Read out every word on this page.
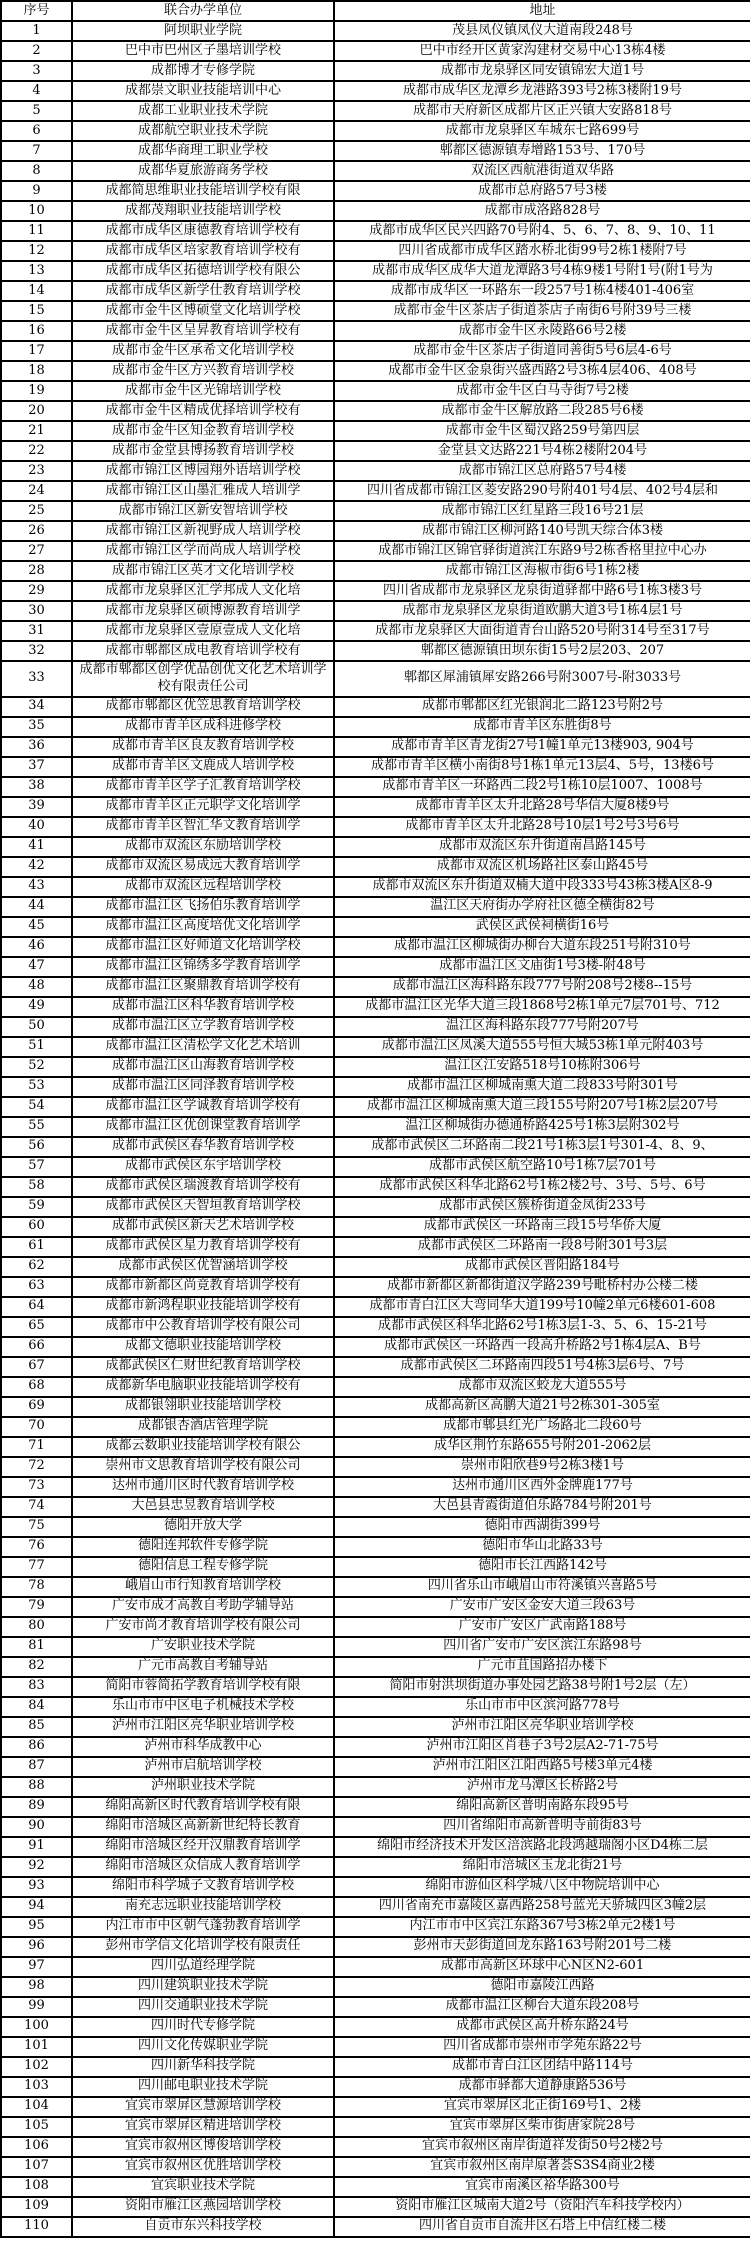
序号	联合办学单位	地址
1	阿坝职业学院	茂县凤仪镇凤仪大道南段248号
2	巴中市巴州区子墨培训学校	巴中市经开区黄家沟建材交易中心13栋4楼
3	成都博才专修学院	成都市龙泉驿区同安镇锦宏大道1号
4	成都崇文职业技能培训中心	成都市成华区龙潭乡龙港路393号2栋3楼附19号
5	成都工业职业技术学院	成都市天府新区成都片区正兴镇大安路818号
6	成都航空职业技术学院	成都市龙泉驿区车城东七路699号
7	成都华商理工职业学校	郫都区德源镇寿增路153号、170号
8	成都华夏旅游商务学校	双流区西航港街道双华路
9	成都简思维职业技能培训学校有限	成都市总府路57号3楼
10	成都茂翔职业技能培训学校	成都市成洛路828号
11	成都市成华区康德教育培训学校有	成都市成华区民兴四路70号附4、5、6、7、8、9、10、11
12	成都市成华区培家教育培训学校有	四川省成都市成华区踏水桥北街99号2栋1楼附7号
13	成都市成华区拓德培训学校有限公	成都市成华区成华大道龙潭路3号4栋9楼1号附1号(附1号为
14	成都市成华区新学仕教育培训学校	成都市成华区一环路东一段257号1栋4楼401-406室
15	成都市金牛区博硕堂文化培训学校	成都市金牛区茶店子街道茶店子南街6号附39号三楼
16	成都市金牛区呈昇教育培训学校有	成都市金牛区永陵路66号2楼
17	成都市金牛区承希文化培训学校	成都市金牛区茶店子街道同善街5号6层4-6号
18	成都市金牛区方兴教育培训学校	成都市金牛区金泉街兴盛西路2号3栋4层406、408号
19	成都市金牛区光锦培训学校	成都市金牛区白马寺街7号2楼
20	成都市金牛区精成优择培训学校有	成都市金牛区解放路二段285号6楼
21	成都市金牛区知金教育培训学校	成都市金牛区蜀汉路259号第四层
22	成都市金堂县博扬教育培训学校	金堂县文达路221号4栋2楼附204号
23	成都市锦江区博园翔外语培训学校	成都市锦江区总府路57号4楼
24	成都市锦江区山墨汇雅成人培训学	四川省成都市锦江区菱安路290号附401号4层、402号4层和
25	成都市锦江区新安智培训学校	成都市锦江区红星路三段16号21层
26	成都市锦江区新视野成人培训学校	成都市锦江区柳河路140号凯天综合体3楼
27	成都市锦江区学而尚成人培训学校	成都市锦江区锦官驿街道滨江东路9号2栋香格里拉中心办
28	成都市锦江区英才文化培训学校	成都市锦江区海椒市街6号1栋2楼
29	成都市龙泉驿区汇学邦成人文化培	四川省成都市龙泉驿区龙泉街道驿都中路6号1栋3楼3号
30	成都市龙泉驿区硕博源教育培训学	成都市龙泉驿区龙泉街道欧鹏大道3号1栋4层1号
31	成都市龙泉驿区壹原壹成人文化培	成都市龙泉驿区大面街道青台山路520号附314号至317号
32	成都市郫都区成电教育培训学校有	郫都区德源镇田坝东街15号2层203、207
33	成都市郫都区创学优品创优文化艺术培训学校有限责任公司	郫都区犀浦镇犀安路266号附3007号-附3033号
34	成都市郫都区优笠思教育培训学校	成都市郫都区红光银润北二路123号附2号
35	成都市青羊区成科进修学校	成都市青羊区东胜街8号
36	成都市青羊区良友教育培训学校	成都市青羊区青龙街27号1幢1单元13楼903, 904号
37	成都市青羊区文鹿成人培训学校	成都市青羊区横小南街8号1栋1单元13层4、5号，13楼6号
38	成都市青羊区学子汇教育培训学校	成都市青羊区一环路西二段2号1栋10层1007、1008号
39	成都市青羊区正元职学文化培训学	成都市青羊区太升北路28号华信大厦8楼9号
40	成都市青羊区智汇华文教育培训学	成都市青羊区太升北路28号10层1号2号3号6号
41	成都市双流区东励培训学校	成都市双流区东升街道南昌路145号
42	成都市双流区易成远大教育培训学	成都市双流区机场路社区泰山路45号
43	成都市双流区远程培训学校	成都市双流区东升街道双楠大道中段333号43栋3楼A区8-9
44	成都市温江区飞扬伯乐教育培训学	温江区天府街办学府社区德全横街82号
45	成都市温江区高度培优文化培训学	武侯区武侯祠横街16号
46	成都市温江区好师道文化培训学校	成都市温江区柳城街办柳台大道东段251号附310号
47	成都市温江区锦绣多学教育培训学	成都市温江区文庙街1号3楼-附48号
48	成都市温江区聚鼎教育培训学校有	成都市温江区海科路东段777号附208号2楼8--15号
49	成都市温江区科华教育培训学校	成都市温江区光华大道三段1868号2栋1单元7层701号、712
50	成都市温江区立学教育培训学校	温江区海科路东段777号附207号
51	成都市温江区清松学文化艺术培训	成都市温江区凤溪大道555号恒大城53栋1单元附403号
52	成都市温江区山海教育培训学校	温江区江安路518号10栋附306号
53	成都市温江区同泽教育培训学校	成都市温江区柳城南熏大道二段833号附301号
54	成都市温江区学诚教育培训学校有	成都市温江区柳城南熏大道三段155号附207号1栋2层207号
55	成都市温江区优创课堂教育培训学	温江区柳城街办德通桥路425号1栋3层附302号
56	成都市武侯区春华教育培训学校	成都市武侯区二环路南二段21号1栋3层1号301-4、8、9、
57	成都市武侯区东宇培训学校	成都市武侯区航空路10号1栋7层701号
58	成都市武侯区瑞渡教育培训学校有	成都市武侯区科华北路62号1栋2楼2号、3号、5号、6号
59	成都市武侯区天智垣教育培训学校	成都市武侯区簇桥街道金凤街233号
60	成都市武侯区新天艺术培训学校	成都市武侯区一环路南三段15号华侨大厦
61	成都市武侯区星力教育培训学校有	成都市武侯区二环路南一段8号附301号3层
62	成都市武侯区优智涵培训学校	成都市武侯区晋阳路184号
63	成都市新都区尚竟教育培训学校有	成都市新都区新都街道汉学路239号毗桥村办公楼二楼
64	成都市新鸿程职业技能培训学校有	成都市青白江区大弯同华大道199号10幢2单元6楼601-608
65	成都市中公教育培训学校有限公司	成都市武侯区科华北路62号1栋3层1-3、5、6、15-21号
66	成都文德职业技能培训学校	成都市武侯区一环路西一段高升桥路2号1栋4层A、B号
67	成都武侯区仁财世纪教育培训学校	成都市武侯区二环路南四段51号4栋3层6号、7号
68	成都新华电脑职业技能培训学校有	成都市双流区蛟龙大道555号
69	成都银翎职业技能培训学校	成都高新区高鹏大道21号2栋301-305室
70	成都银杏酒店管理学院	成都市郫县红光广场路北二段60号
71	成都云数职业技能培训学校有限公	成华区荆竹东路655号附201-2062层
72	崇州市文思教育培训学校有限公司	崇州市阳欣巷9号2栋3楼1号
73	达州市通川区时代教育培训学校	达州市通川区西外金牌鹿177号
74	大邑县忠昱教育培训学校	大邑县青霞街道伯乐路784号附201号
75	德阳开放大学	德阳市西湖街399号
76	德阳连邦软件专修学院	德阳市华山北路33号
77	德阳信息工程专修学院	德阳市长江西路142号
78	峨眉山市行知教育培训学校	四川省乐山市峨眉山市符溪镇兴喜路5号
79	广安市成才高教自考助学辅导站	广安市广安区金安大道三段63号
80	广安市尚才教育培训学校有限公司	广安市广安区广武南路188号
81	广安职业技术学院	四川省广安市广安区滨江东路98号
82	广元市高教自考辅导站	广元市苴国路招办楼下
83	简阳市蓉简拓学教育培训学校有限	简阳市射洪坝街道办事处园艺路38号附1号2层（左）
84	乐山市市中区电子机械技术学校	乐山市市中区滨河路778号
85	泸州市江阳区亮华职业培训学校	泸州市江阳区亮华职业培训学校
86	泸州市科华成教中心	泸州市江阳区肖巷子3号2层A2-71-75号
87	泸州市启航培训学校	泸州市江阳区江阳西路5号楼3单元4楼
88	泸州职业技术学院	泸州市龙马潭区长桥路2号
89	绵阳高新区时代教育培训学校有限	绵阳高新区普明南路东段95号
90	绵阳市涪城区高新新世纪特长教育	四川省绵阳市高新普明寺前街83号
91	绵阳市涪城区经开汉鼎教育培训学	绵阳市经济技术开发区涪滨路北段鸿越瑞阁小区D4栋二层
92	绵阳市涪城区众信成人教育培训学	绵阳市涪城区玉龙北街21号
93	绵阳市科学城子文教育培训学校	绵阳市游仙区科学城八区中物院培训中心
94	南充志远职业技能培训学校	四川省南充市嘉陵区嘉西路258号蓝光天骄城四区3幢2层
95	内江市市中区朝气蓬勃教育培训学	内江市市中区宾江东路367号3栋2单元2楼1号
96	彭州市学信文化培训学校有限责任	彭州市天彭街道回龙东路163号附201号二楼
97	四川弘道经理学院	成都市高新区环球中心N区N2-601
98	四川建筑职业技术学院	德阳市嘉陵江西路
99	四川交通职业技术学院	成都市温江区柳台大道东段208号
100	四川时代专修学院	成都市武侯区高升桥东路24号
101	四川文化传媒职业学院	四川省成都市崇州市学苑东路22号
102	四川新华科技学院	成都市青白江区团结中路114号
103	四川邮电职业技术学院	成都市驿都大道静康路536号
104	宜宾市翠屏区慧源培训学校	宜宾市翠屏区北正街169号1、2楼
105	宜宾市翠屏区精进培训学校	宜宾市翠屏区柴市街唐家院28号
106	宜宾市叙州区博俊培训学校	宜宾市叙州区南岸街道祥发街50号2楼2号
107	宜宾市叙州区优胜培训学校	宜宾市叙州区南岸原著荟S3S4商业2楼
108	宜宾职业技术学院	宜宾市南溪区裕华路300号
109	资阳市雁江区燕园培训学校	资阳市雁江区城南大道2号（资阳汽车科技学校内）
110	自贡市东兴科技学校	四川省自贡市自流井区石塔上中信红楼二楼
